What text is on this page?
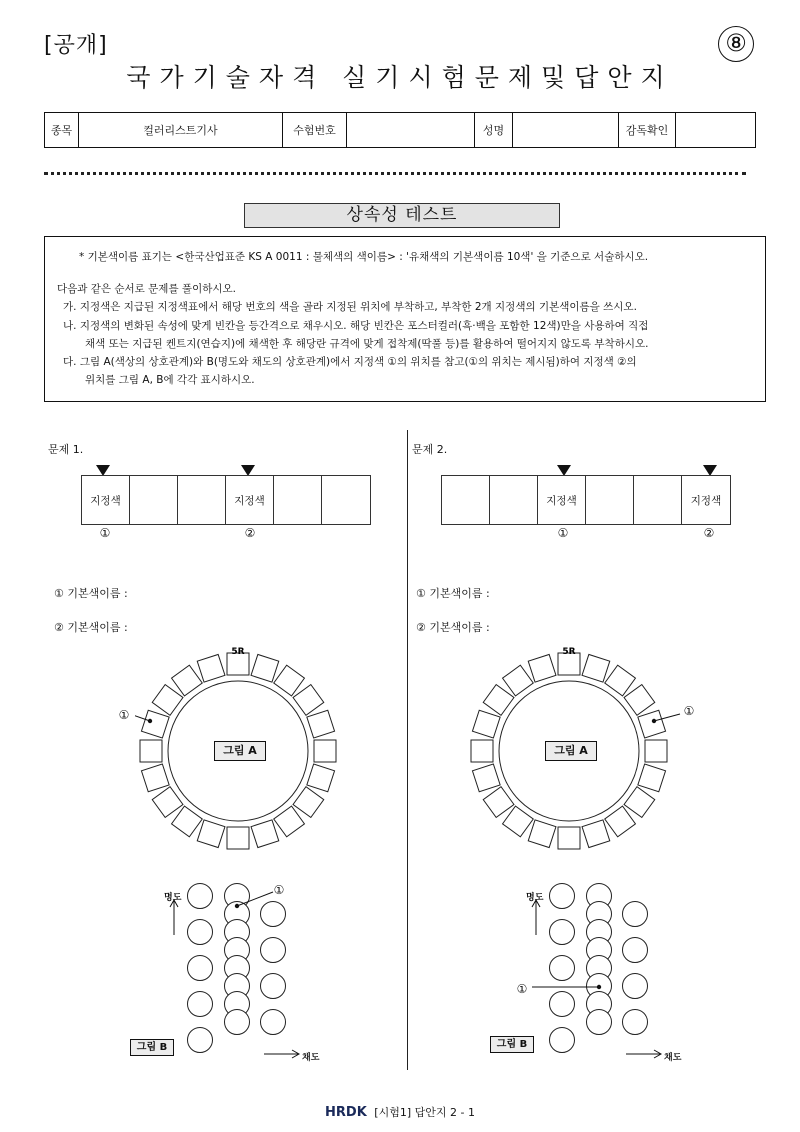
[공개]	⑧
국가기술자격 실기시험문제및답안지
종목	컬러리스트기사	수험번호		성명		감독확인	
상속성 테스트
* 기본색이름 표기는 <한국산업표준 KS A 0011 : 물체색의 색이름> : '유채색의 기본색이름 10색' 을 기준으로 서술하시오.
다음과 같은 순서로 문제를 풀이하시오.
가. 지정색은 지급된 지정색표에서 해당 번호의 색을 골라 지정된 위치에 부착하고, 부착한 2개 지정색의 기본색이름을 쓰시오.
나. 지정색의 변화된 속성에 맞게 빈칸을 등간격으로 채우시오. 해당 빈칸은 포스터컬러(흑·백을 포함한 12색)만을 사용하여 직접
채색 또는 지급된 켄트지(연습지)에 채색한 후 해당란 규격에 맞게 접착제(딱풀 등)를 활용하여 떨어지지 않도록 부착하시오.
다. 그림 A(색상의 상호관계)와 B(명도와 채도의 상호관계)에서 지정색 ①의 위치를 참고(①의 위치는 제시됨)하여 지정색 ②의
위치를 그림 A, B에 각각 표시하시오.
문제 1.
지정색	지정색
①	②
① 기본색이름 :
② 기본색이름 :
5R
①
그림 A
명도
채도
①
그림 B
문제 2.
지정색	지정색
①	②
① 기본색이름 :
② 기본색이름 :
5R
①
그림 A
명도
채도
①
그림 B
HRDK [시험1] 답안지 2 - 1
